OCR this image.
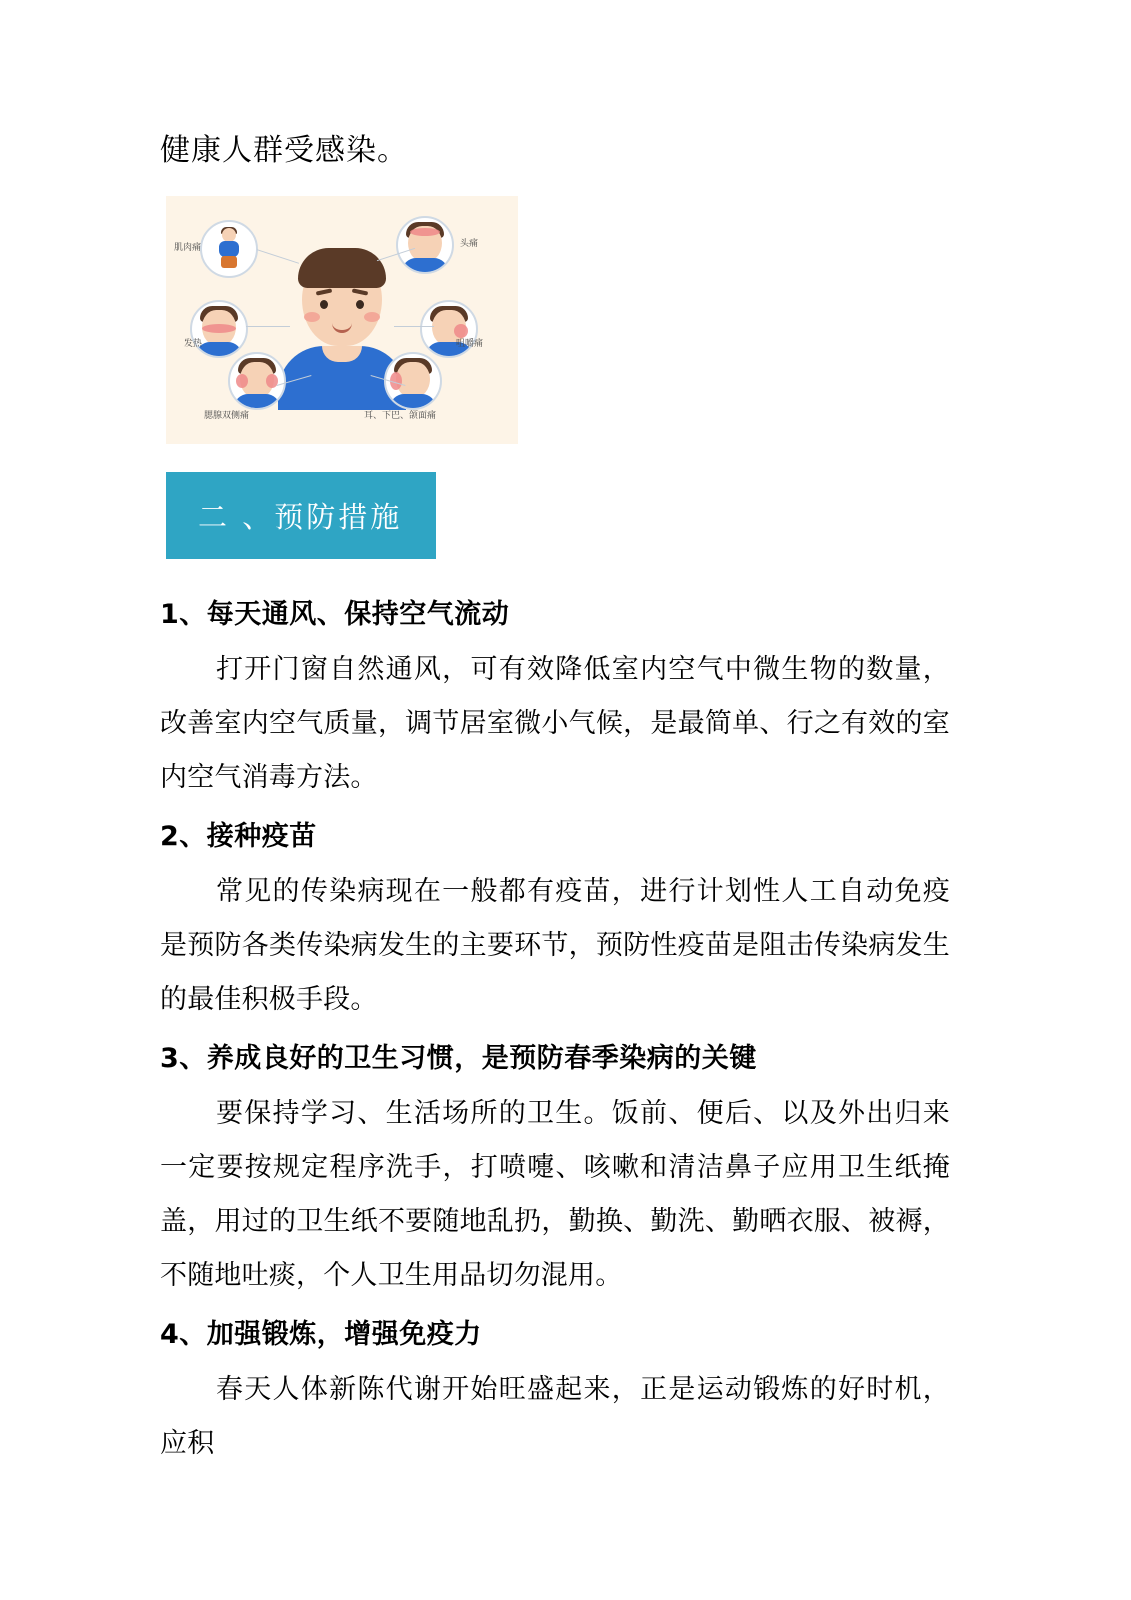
健康人群受感染。

肌肉痛	头痛
发热	咀嚼痛
腮腺双侧痛	耳、下巴、颌面痛
二 、预防措施
1、每天通风、保持空气流动

打开门窗自然通风，可有效降低室内空气中微生物的数量，改善室内空气质量，调节居室微小气候，是最简单、行之有效的室内空气消毒方法。

2、接种疫苗

常见的传染病现在一般都有疫苗，进行计划性人工自动免疫是预防各类传染病发生的主要环节，预防性疫苗是阻击传染病发生的最佳积极手段。

3、养成良好的卫生习惯，是预防春季染病的关键

要保持学习、生活场所的卫生。饭前、便后、以及外出归来一定要按规定程序洗手，打喷嚏、咳嗽和清洁鼻子应用卫生纸掩盖，用过的卫生纸不要随地乱扔，勤换、勤洗、勤晒衣服、被褥，不随地吐痰，个人卫生用品切勿混用。

4、加强锻炼，增强免疫力

春天人体新陈代谢开始旺盛起来，正是运动锻炼的好时机，应积
